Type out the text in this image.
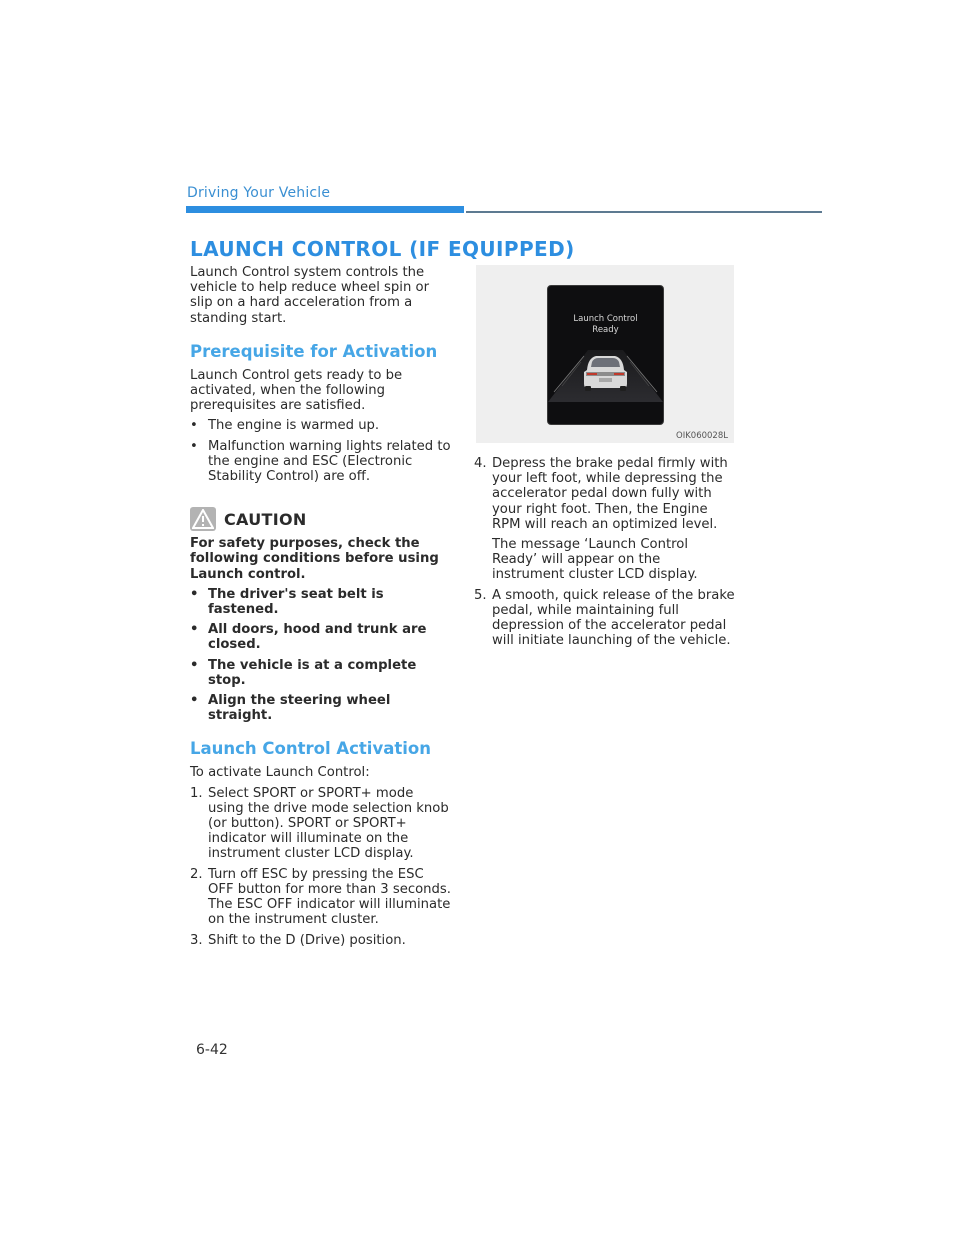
Driving Your Vehicle
LAUNCH CONTROL (IF EQUIPPED)

Launch Control system controls the vehicle to help reduce wheel spin or slip on a hard acceleration from a standing start.

Prerequisite for Activation

Launch Control gets ready to be activated, when the following prerequisites are satisfied.

• The engine is warmed up.
• Malfunction warning lights related to the engine and ESC (Electronic Stability Control) are off.
CAUTION

For safety purposes, check the following conditions before using Launch control.

• The driver's seat belt is fastened.
• All doors, hood and trunk are closed.
• The vehicle is at a complete stop.
• Align the steering wheel straight.

Launch Control Activation

To activate Launch Control:

1. Select SPORT or SPORT+ mode using the drive mode selection knob (or button). SPORT or SPORT+ indicator will illuminate on the instrument cluster LCD display.
2. Turn off ESC by pressing the ESC OFF button for more than 3 seconds. The ESC OFF indicator will illuminate on the instrument cluster.
3. Shift to the D (Drive) position.
Launch Control
Ready
OIK060028L
4. Depress the brake pedal firmly with your left foot, while depressing the accelerator pedal down fully with your right foot. Then, the Engine RPM will reach an optimized level.
The message ‘Launch Control Ready’ will appear on the instrument cluster LCD display.
5. A smooth, quick release of the brake pedal, while maintaining full depression of the accelerator pedal will initiate launching of the vehicle.
6-42
